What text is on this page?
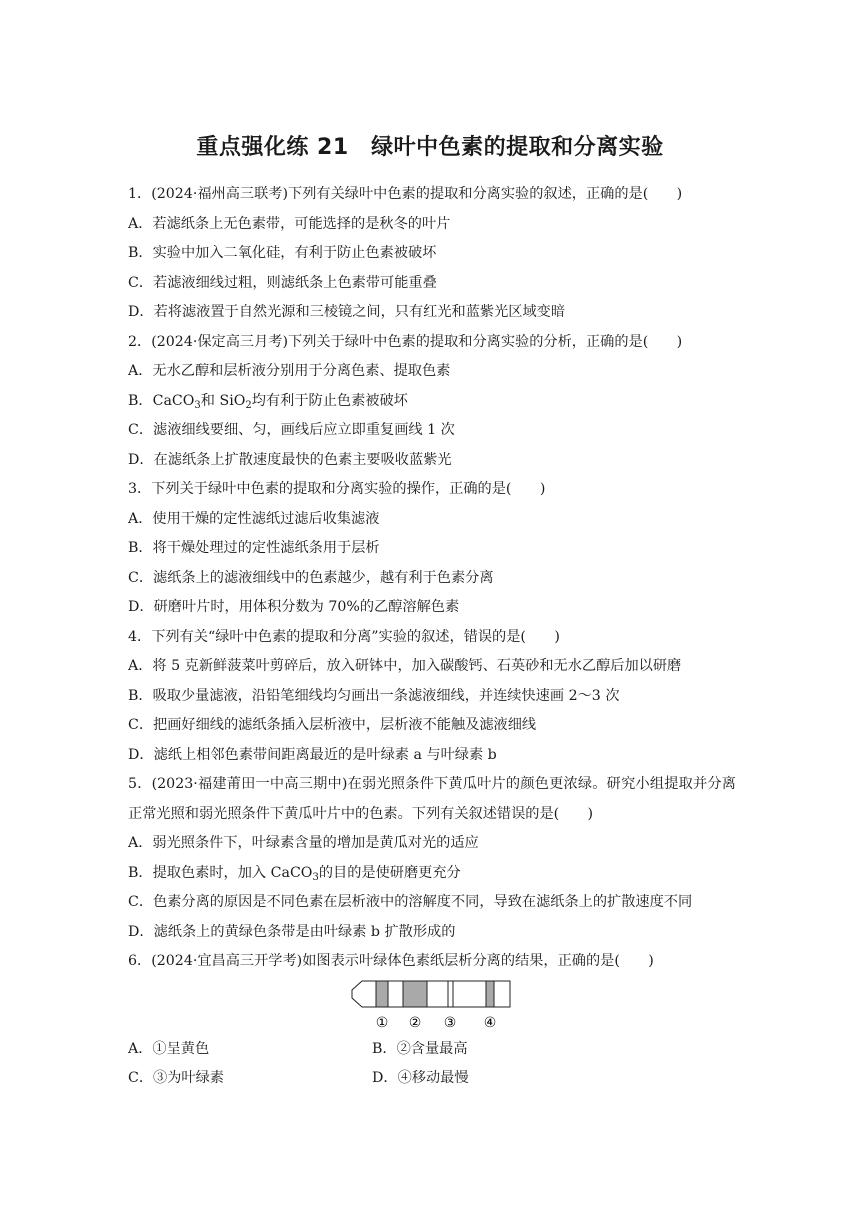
重点强化练 21　绿叶中色素的提取和分离实验
1．(2024·福州高三联考)下列有关绿叶中色素的提取和分离实验的叙述，正确的是(　　)
A．若滤纸条上无色素带，可能选择的是秋冬的叶片
B．实验中加入二氧化硅，有利于防止色素被破坏
C．若滤液细线过粗，则滤纸条上色素带可能重叠
D．若将滤液置于自然光源和三棱镜之间，只有红光和蓝紫光区域变暗
2．(2024·保定高三月考)下列关于绿叶中色素的提取和分离实验的分析，正确的是(　　)
A．无水乙醇和层析液分别用于分离色素、提取色素
B．CaCO$_3$和 SiO$_2$均有利于防止色素被破坏
C．滤液细线要细、匀，画线后应立即重复画线 1 次
D．在滤纸条上扩散速度最快的色素主要吸收蓝紫光
3．下列关于绿叶中色素的提取和分离实验的操作，正确的是(　　)
A．使用干燥的定性滤纸过滤后收集滤液
B．将干燥处理过的定性滤纸条用于层析
C．滤纸条上的滤液细线中的色素越少，越有利于色素分离
D．研磨叶片时，用体积分数为 70%的乙醇溶解色素
4．下列有关“绿叶中色素的提取和分离”实验的叙述，错误的是(　　)
A．将 5 克新鲜菠菜叶剪碎后，放入研钵中，加入碳酸钙、石英砂和无水乙醇后加以研磨
B．吸取少量滤液，沿铅笔细线均匀画出一条滤液细线，并连续快速画 2～3 次
C．把画好细线的滤纸条插入层析液中，层析液不能触及滤液细线
D．滤纸上相邻色素带间距离最近的是叶绿素 a 与叶绿素 b
5．(2023·福建莆田一中高三期中)在弱光照条件下黄瓜叶片的颜色更浓绿。研究小组提取并分离正常光照和弱光照条件下黄瓜叶片中的色素。下列有关叙述错误的是(　　)
A．弱光照条件下，叶绿素含量的增加是黄瓜对光的适应
B．提取色素时，加入 CaCO$_3$的目的是使研磨更充分
C．色素分离的原因是不同色素在层析液中的溶解度不同，导致在滤纸条上的扩散速度不同
D．滤纸条上的黄绿色条带是由叶绿素 b 扩散形成的
6．(2024·宜昌高三开学考)如图表示叶绿体色素纸层析分离的结果，正确的是(　　)
① ② ③ ④
A．①呈黄色	B．②含量最高
C．③为叶绿素	D．④移动最慢
